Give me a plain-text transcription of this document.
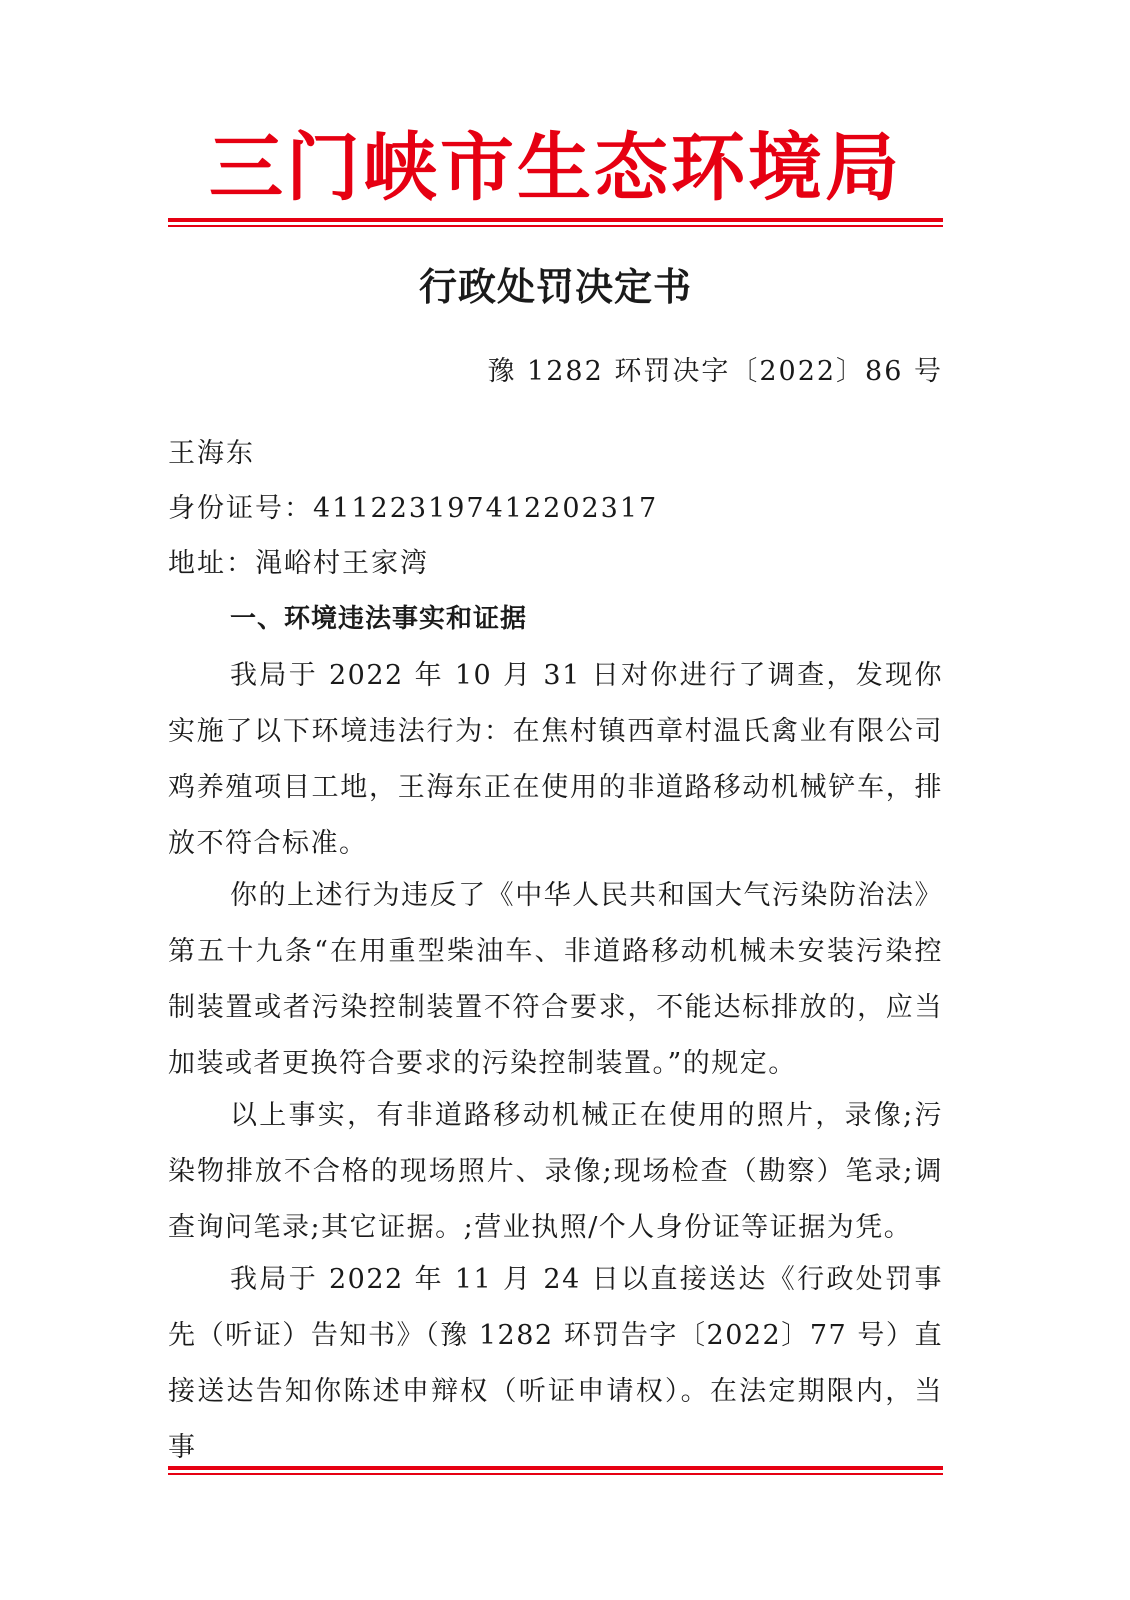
三门峡市生态环境局
行政处罚决定书
豫 1282 环罚决字〔2022〕86 号
王海东
身份证号：411223197412202317
地址：渑峪村王家湾
一、环境违法事实和证据

我局于 2022 年 10 月 31 日对你进行了调查，发现你实施了以下环境违法行为：在焦村镇西章村温氏禽业有限公司鸡养殖项目工地，王海东正在使用的非道路移动机械铲车，排放不符合标准。

你的上述行为违反了《中华人民共和国大气污染防治法》第五十九条“在用重型柴油车、非道路移动机械未安装污染控制装置或者污染控制装置不符合要求，不能达标排放的，应当加装或者更换符合要求的污染控制装置。”的规定。

以上事实，有非道路移动机械正在使用的照片，录像;污染物排放不合格的现场照片、录像;现场检查（勘察）笔录;调查询问笔录;其它证据。;营业执照/个人身份证等证据为凭。

我局于 2022 年 11 月 24 日以直接送达《行政处罚事先（听证）告知书》（豫 1282 环罚告字〔2022〕77 号）直接送达告知你陈述申辩权（听证申请权）。在法定期限内，当事
